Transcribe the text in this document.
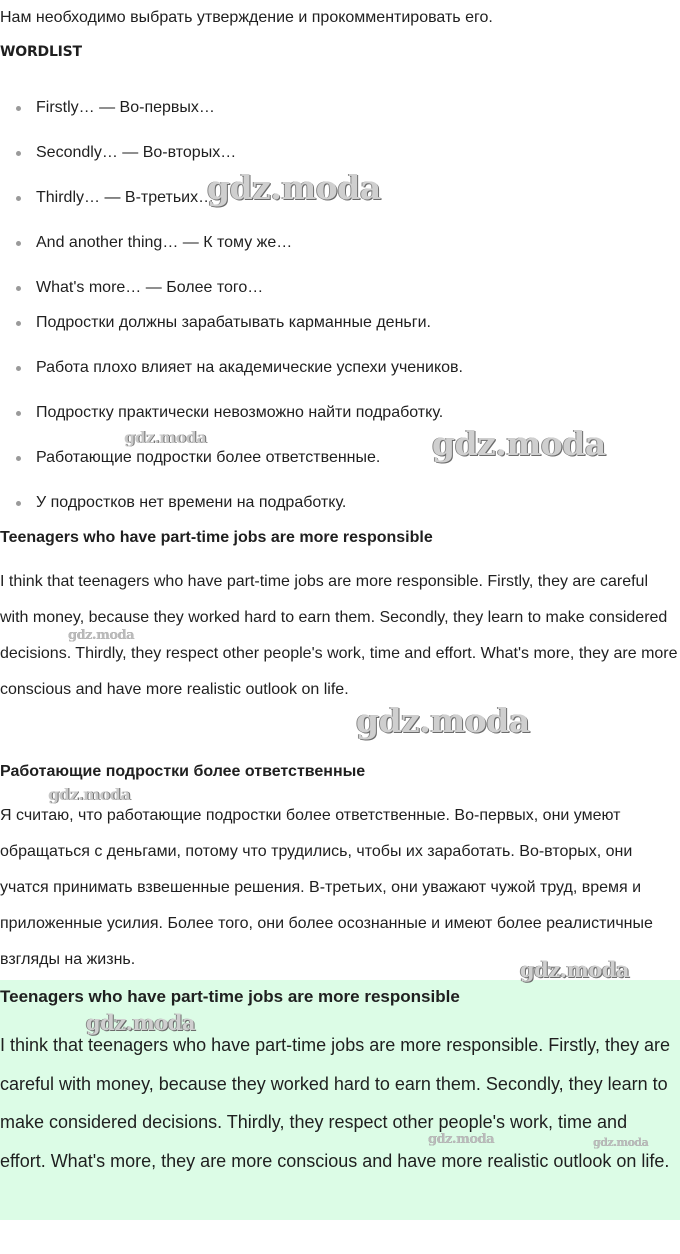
Нам необходимо выбрать утверждение и прокомментировать его.
WORDLIST
Firstly… — Во-первых…
Secondly… — Во-вторых…
Thirdly… — В-третьих…
And another thing… — К тому же…
What's more… — Более того…
Подростки должны зарабатывать карманные деньги.
Работа плохо влияет на академические успехи учеников.
Подростку практически невозможно найти подработку.
Работающие подростки более ответственные.
У подростков нет времени на подработку.
Teenagers who have part-time jobs are more responsible

I think that teenagers who have part-time jobs are more responsible. Firstly, they are careful with money, because they worked hard to earn them. Secondly, they learn to make considered decisions. Thirdly, they respect other people's work, time and effort. What's more, they are more conscious and have more realistic outlook on life.

Работающие подростки более ответственные

Я считаю, что работающие подростки более ответственные. Во-первых, они умеют обращаться с деньгами, потому что трудились, чтобы их заработать. Во-вторых, они учатся принимать взвешенные решения. В-третьих, они уважают чужой труд, время и приложенные усилия. Более того, они более осознанные и имеют более реалистичные взгляды на жизнь.

Teenagers who have part-time jobs are more responsible

I think that teenagers who have part-time jobs are more responsible. Firstly, they are careful with money, because they worked hard to earn them. Secondly, they learn to make considered decisions. Thirdly, they respect other people's work, time and effort. What's more, they are more conscious and have more realistic outlook on life.

gdz.moda
gdz.moda	gdz.moda
gdz.moda
gdz.moda
gdz.moda
gdz.moda
gdz.moda
gdz.moda	gdz.moda
